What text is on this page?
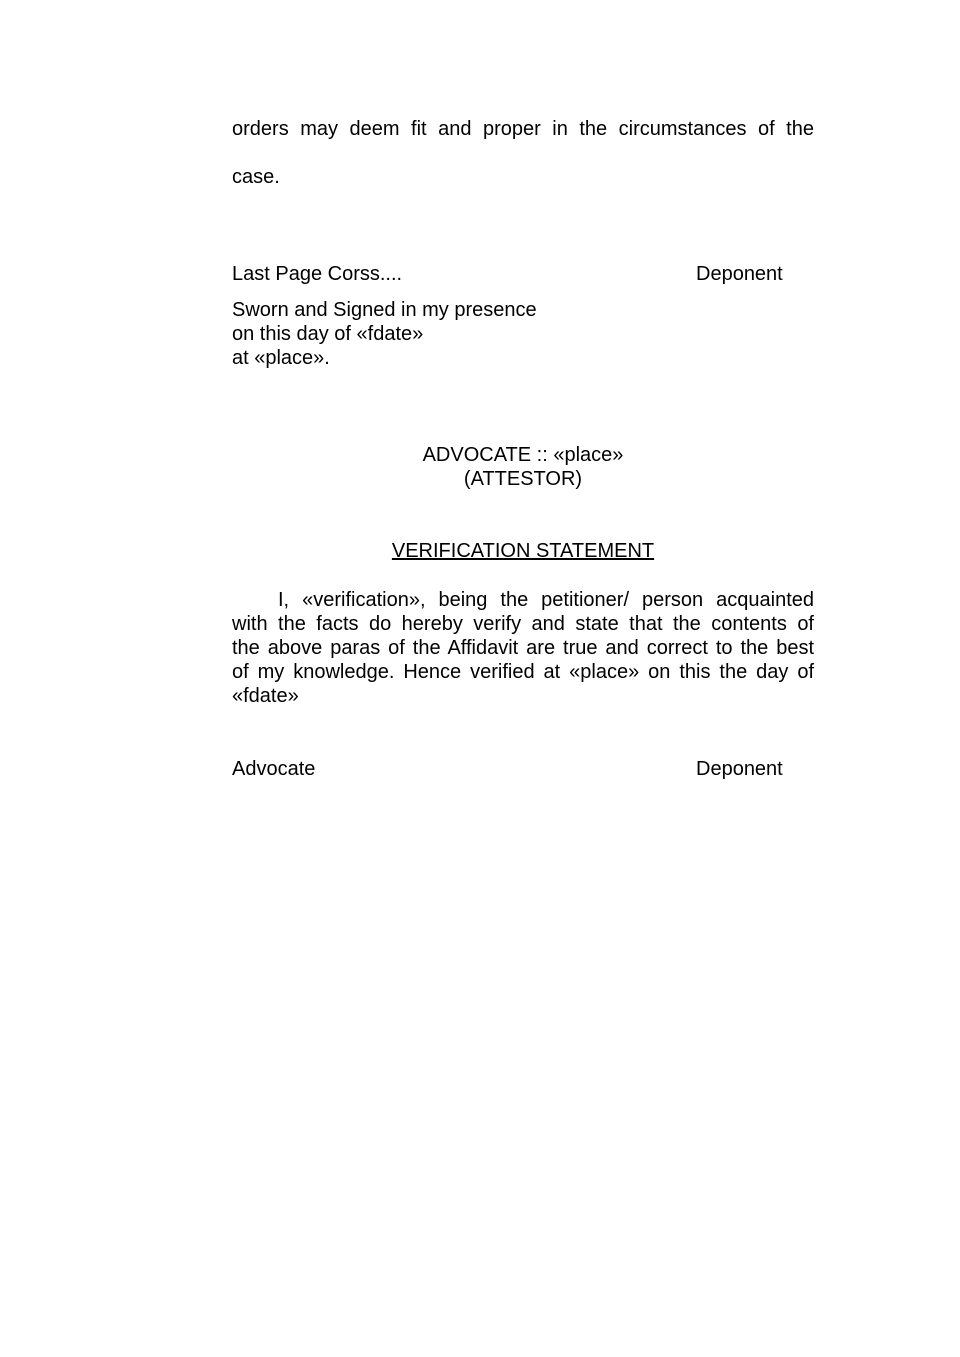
orders may deem fit and proper in the circumstances of the
case.
Last Page Corss....	Deponent
Sworn and Signed in my presence
on this day of «fdate»
at «place».
ADVOCATE :: «place»
(ATTESTOR)
VERIFICATION STATEMENT
I, «verification», being the petitioner/ person acquainted
with the facts do hereby verify and state that the contents of
the above paras of the Affidavit are true and correct to the best
of my knowledge. Hence verified at «place» on this the day of
«fdate»
Advocate	Deponent
